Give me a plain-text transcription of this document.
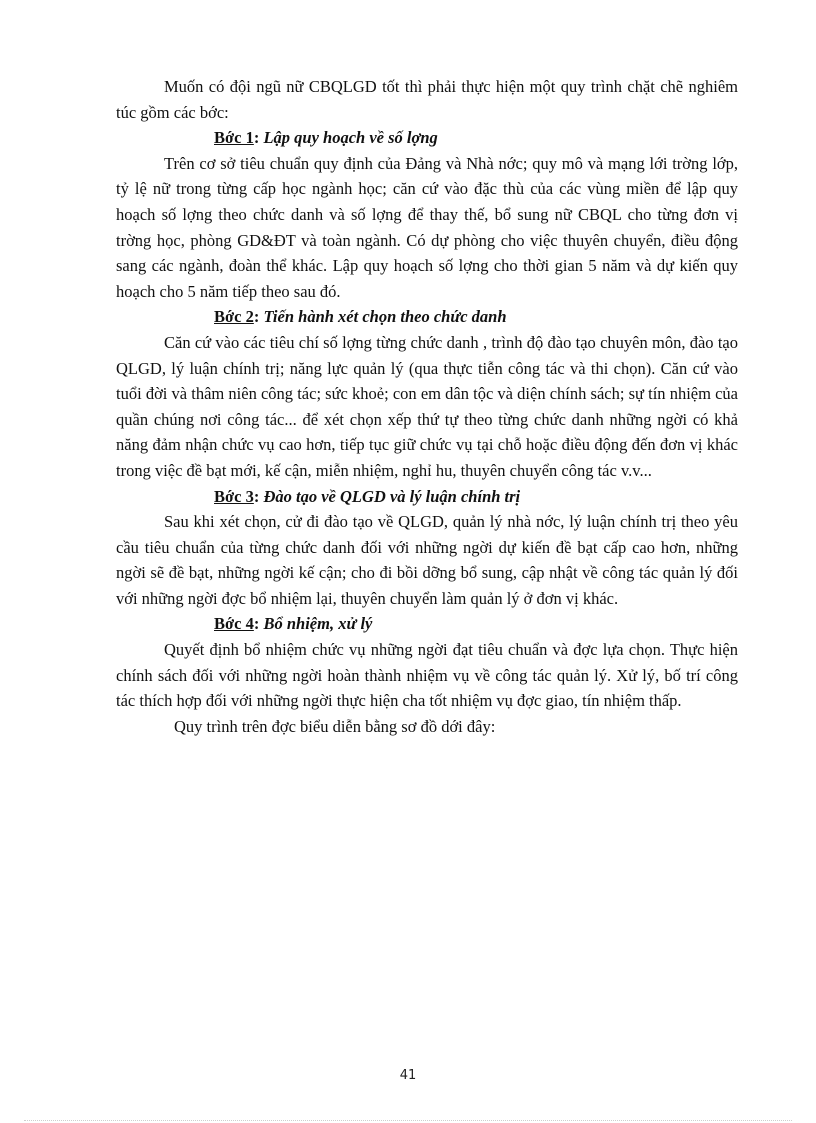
Muốn có đội ngũ nữ CBQLGD tốt thì phải thực hiện một quy trình chặt chẽ nghiêm túc gồm các bớc:

Bớc 1: Lập quy hoạch về số lợng

Trên cơ sở tiêu chuẩn quy định của Đảng và Nhà nớc; quy mô và mạng lới trờng lớp, tỷ lệ nữ trong từng cấp học ngành học; căn cứ vào đặc thù của các vùng miền để lập quy hoạch số lợng theo chức danh và số lợng để thay thế, bổ sung nữ CBQL cho từng đơn vị trờng học, phòng GD&ĐT và toàn ngành. Có dự phòng cho việc thuyên chuyển, điều động sang các ngành, đoàn thể khác. Lập quy hoạch số lợng cho thời gian 5 năm và dự kiến quy hoạch cho 5 năm tiếp theo sau đó.

Bớc 2: Tiến hành xét chọn theo chức danh

Căn cứ vào các tiêu chí số lợng từng chức danh , trình độ đào tạo chuyên môn, đào tạo QLGD, lý luận chính trị; năng lực quản lý (qua thực tiễn công tác và thi chọn). Căn cứ vào tuổi đời và thâm niên công tác; sức khoẻ; con em dân tộc và diện chính sách; sự tín nhiệm của quần chúng nơi công tác... để xét chọn xếp thứ tự theo từng chức danh những ngời có khả năng đảm nhận chức vụ cao hơn, tiếp tục giữ chức vụ tại chỗ hoặc điều động đến đơn vị khác trong việc đề bạt mới, kế cận, miễn nhiệm, nghỉ hu, thuyên chuyển công tác v.v...

Bớc 3: Đào tạo về QLGD và lý luận chính trị

Sau khi xét chọn, cử đi đào tạo về QLGD, quản lý nhà nớc, lý luận chính trị theo yêu cầu tiêu chuẩn của từng chức danh đối với những ngời dự kiến đề bạt cấp cao hơn, những ngời sẽ đề bạt, những ngời kế cận; cho đi bồi dỡng bổ sung, cập nhật về công tác quản lý đối với những ngời đợc bổ nhiệm lại, thuyên chuyển làm quản lý ở đơn vị khác.

Bớc 4: Bổ nhiệm, xử lý

Quyết định bổ nhiệm chức vụ những ngời đạt tiêu chuẩn và đợc lựa chọn. Thực hiện chính sách đối với những ngời hoàn thành nhiệm vụ về công tác quản lý. Xử lý, bố trí công tác thích hợp đối với những ngời thực hiện cha tốt nhiệm vụ đợc giao, tín nhiệm thấp.

Quy trình trên đợc biểu diễn bằng sơ đồ dới đây:

41
